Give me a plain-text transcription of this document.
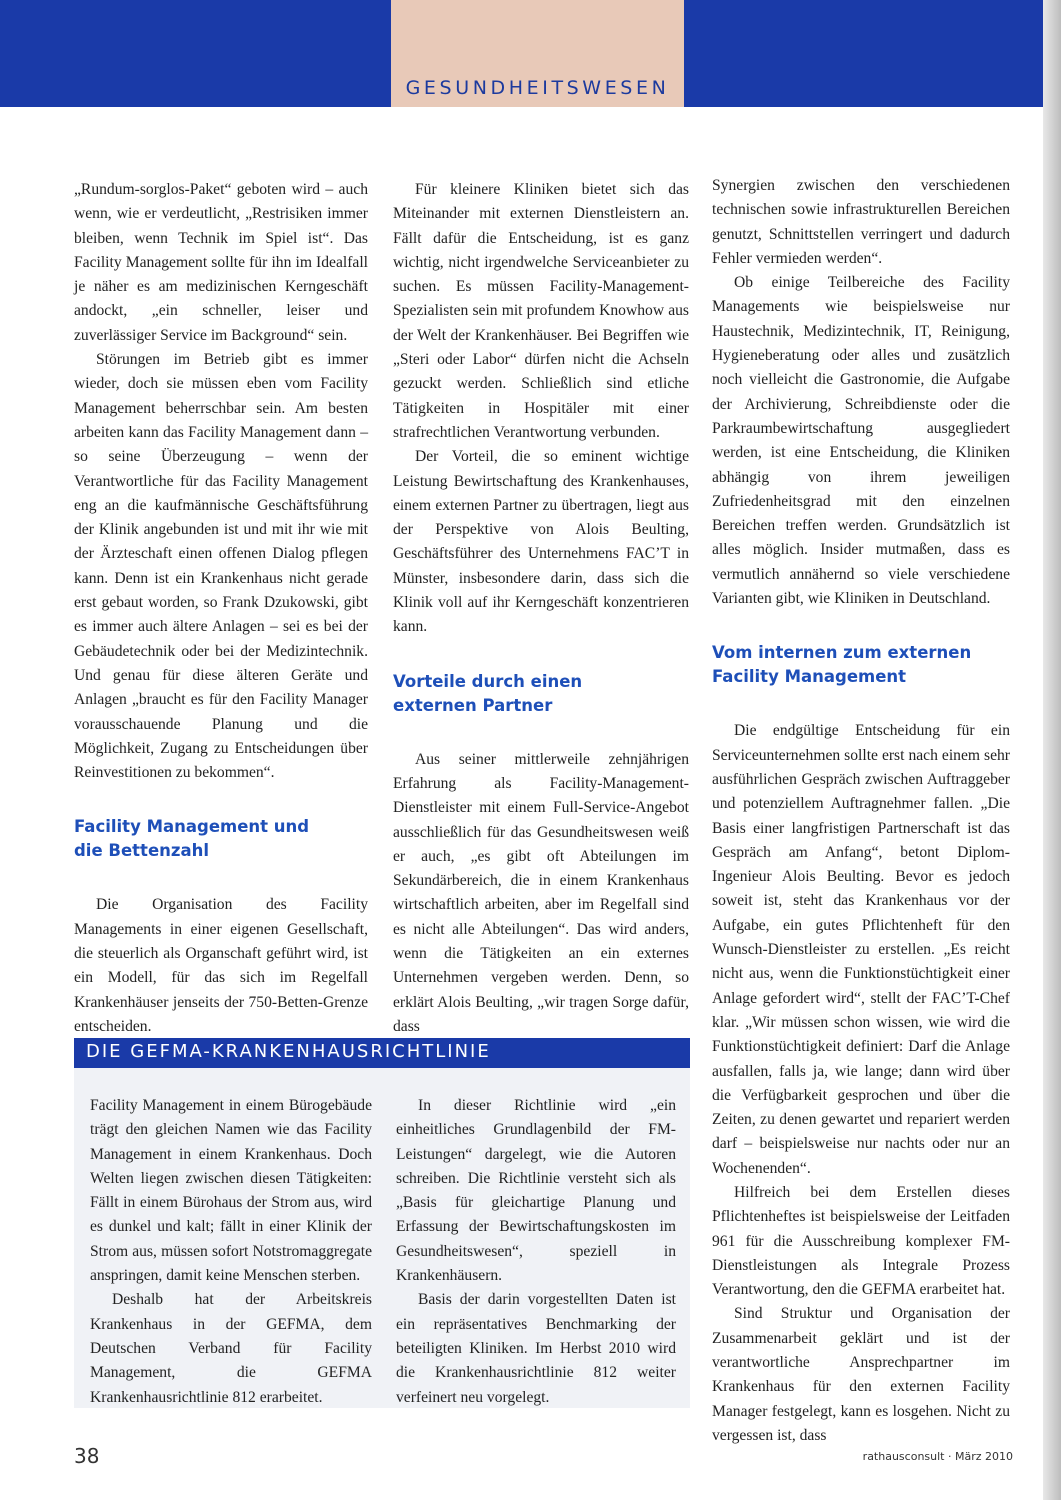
GESUNDHEITSWESEN

„Rundum-sorglos-Paket“ geboten wird – auch wenn, wie er verdeutlicht, „Restrisiken immer bleiben, wenn Technik im Spiel ist“. Das Facility Management sollte für ihn im Idealfall je näher es am medizinischen Kerngeschäft andockt, „ein schneller, leiser und zuverlässiger Service im Background“ sein.

Störungen im Betrieb gibt es immer wieder, doch sie müssen eben vom Facility Management beherrschbar sein. Am besten arbeiten kann das Facility Management dann – so seine Überzeugung – wenn der Verantwortliche für das Facility Management eng an die kaufmännische Geschäftsführung der Klinik angebunden ist und mit ihr wie mit der Ärzteschaft einen offenen Dialog pflegen kann. Denn ist ein Krankenhaus nicht gerade erst gebaut worden, so Frank Dzukowski, gibt es immer auch ältere Anlagen – sei es bei der Gebäudetechnik oder bei der Medizintechnik. Und genau für diese älteren Geräte und Anlagen „braucht es für den Facility Manager vorausschauende Planung und die Möglichkeit, Zugang zu Entscheidungen über Reinvestitionen zu bekommen“.

Facility Management und
die Bettenzahl

Die Organisation des Facility Managements in einer eigenen Gesellschaft, die steuerlich als Organschaft geführt wird, ist ein Modell, für das sich im Regelfall Krankenhäuser jenseits der 750-Betten-Grenze entscheiden.

Für kleinere Kliniken bietet sich das Miteinander mit externen Dienstleistern an. Fällt dafür die Entscheidung, ist es ganz wichtig, nicht irgendwelche Serviceanbieter zu suchen. Es müssen Facility-Management-Spezialisten sein mit profundem Knowhow aus der Welt der Krankenhäuser. Bei Begriffen wie „Steri oder Labor“ dürfen nicht die Achseln gezuckt werden. Schließlich sind etliche Tätigkeiten in Hospitäler mit einer strafrechtlichen Verantwortung verbunden.

Der Vorteil, die so eminent wichtige Leistung Bewirtschaftung des Krankenhauses, einem externen Partner zu übertragen, liegt aus der Perspektive von Alois Beulting, Geschäftsführer des Unternehmens FAC’T in Münster, insbesondere darin, dass sich die Klinik voll auf ihr Kerngeschäft konzentrieren kann.

Vorteile durch einen
externen Partner

Aus seiner mittlerweile zehnjährigen Erfahrung als Facility-Management-Dienstleister mit einem Full-Service-Angebot ausschließlich für das Gesundheitswesen weiß er auch, „es gibt oft Abteilungen im Sekundärbereich, die in einem Krankenhaus wirtschaftlich arbeiten, aber im Regelfall sind es nicht alle Abteilungen“. Das wird anders, wenn die Tätigkeiten an ein externes Unternehmen vergeben werden. Denn, so erklärt Alois Beulting, „wir tragen Sorge dafür, dass

Synergien zwischen den verschiedenen technischen sowie infrastrukturellen Bereichen genutzt, Schnittstellen verringert und dadurch Fehler vermieden werden“.

Ob einige Teilbereiche des Facility Managements wie beispielsweise nur Haustechnik, Medizintechnik, IT, Reinigung, Hygieneberatung oder alles und zusätzlich noch vielleicht die Gastronomie, die Aufgabe der Archivierung, Schreibdienste oder die Parkraumbewirtschaftung ausgegliedert werden, ist eine Entscheidung, die Kliniken abhängig von ihrem jeweiligen Zufriedenheitsgrad mit den einzelnen Bereichen treffen werden. Grundsätzlich ist alles möglich. Insider mutmaßen, dass es vermutlich annähernd so viele verschiedene Varianten gibt, wie Kliniken in Deutschland.

Vom internen zum externen
Facility Management

Die endgültige Entscheidung für ein Serviceunternehmen sollte erst nach einem sehr ausführlichen Gespräch zwischen Auftraggeber und potenziellem Auftragnehmer fallen. „Die Basis einer langfristigen Partnerschaft ist das Gespräch am Anfang“, betont Diplom-Ingenieur Alois Beulting. Bevor es jedoch soweit ist, steht das Krankenhaus vor der Aufgabe, ein gutes Pflichtenheft für den Wunsch-Dienstleister zu erstellen. „Es reicht nicht aus, wenn die Funktionstüchtigkeit einer Anlage gefordert wird“, stellt der FAC’T-Chef klar. „Wir müssen schon wissen, wie wird die Funktionstüchtigkeit definiert: Darf die Anlage ausfallen, falls ja, wie lange; dann wird über die Verfügbarkeit gesprochen und über die Zeiten, zu denen gewartet und repariert werden darf – beispielsweise nur nachts oder nur an Wochenenden“.

Hilfreich bei dem Erstellen dieses Pflichtenheftes ist beispielsweise der Leitfaden 961 für die Ausschreibung komplexer FM-Dienstleistungen als Integrale Prozess Verantwortung, den die GEFMA erarbeitet hat.

Sind Struktur und Organisation der Zusammenarbeit geklärt und ist der verantwortliche Ansprechpartner im Krankenhaus für den externen Facility Manager festgelegt, kann es losgehen. Nicht zu vergessen ist, dass

DIE GEFMA-KRANKENHAUSRICHTLINIE

Facility Management in einem Bürogebäude trägt den gleichen Namen wie das Facility Management in einem Krankenhaus. Doch Welten liegen zwischen diesen Tätigkeiten: Fällt in einem Bürohaus der Strom aus, wird es dunkel und kalt; fällt in einer Klinik der Strom aus, müssen sofort Notstromaggregate anspringen, damit keine Menschen sterben.

Deshalb hat der Arbeitskreis Krankenhaus in der GEFMA, dem Deutschen Verband für Facility Management, die GEFMA Krankenhausrichtlinie 812 erarbeitet.

In dieser Richtlinie wird „ein einheitliches Grundlagenbild der FM-Leistungen“ dargelegt, wie die Autoren schreiben. Die Richtlinie versteht sich als „Basis für gleichartige Planung und Erfassung der Bewirtschaftungskosten im Gesundheitswesen“, speziell in Krankenhäusern.

Basis der darin vorgestellten Daten ist ein repräsentatives Benchmarking der beteiligten Kliniken. Im Herbst 2010 wird die Krankenhausrichtlinie 812 weiter verfeinert neu vorgelegt.

38	rathausconsult · März 2010
